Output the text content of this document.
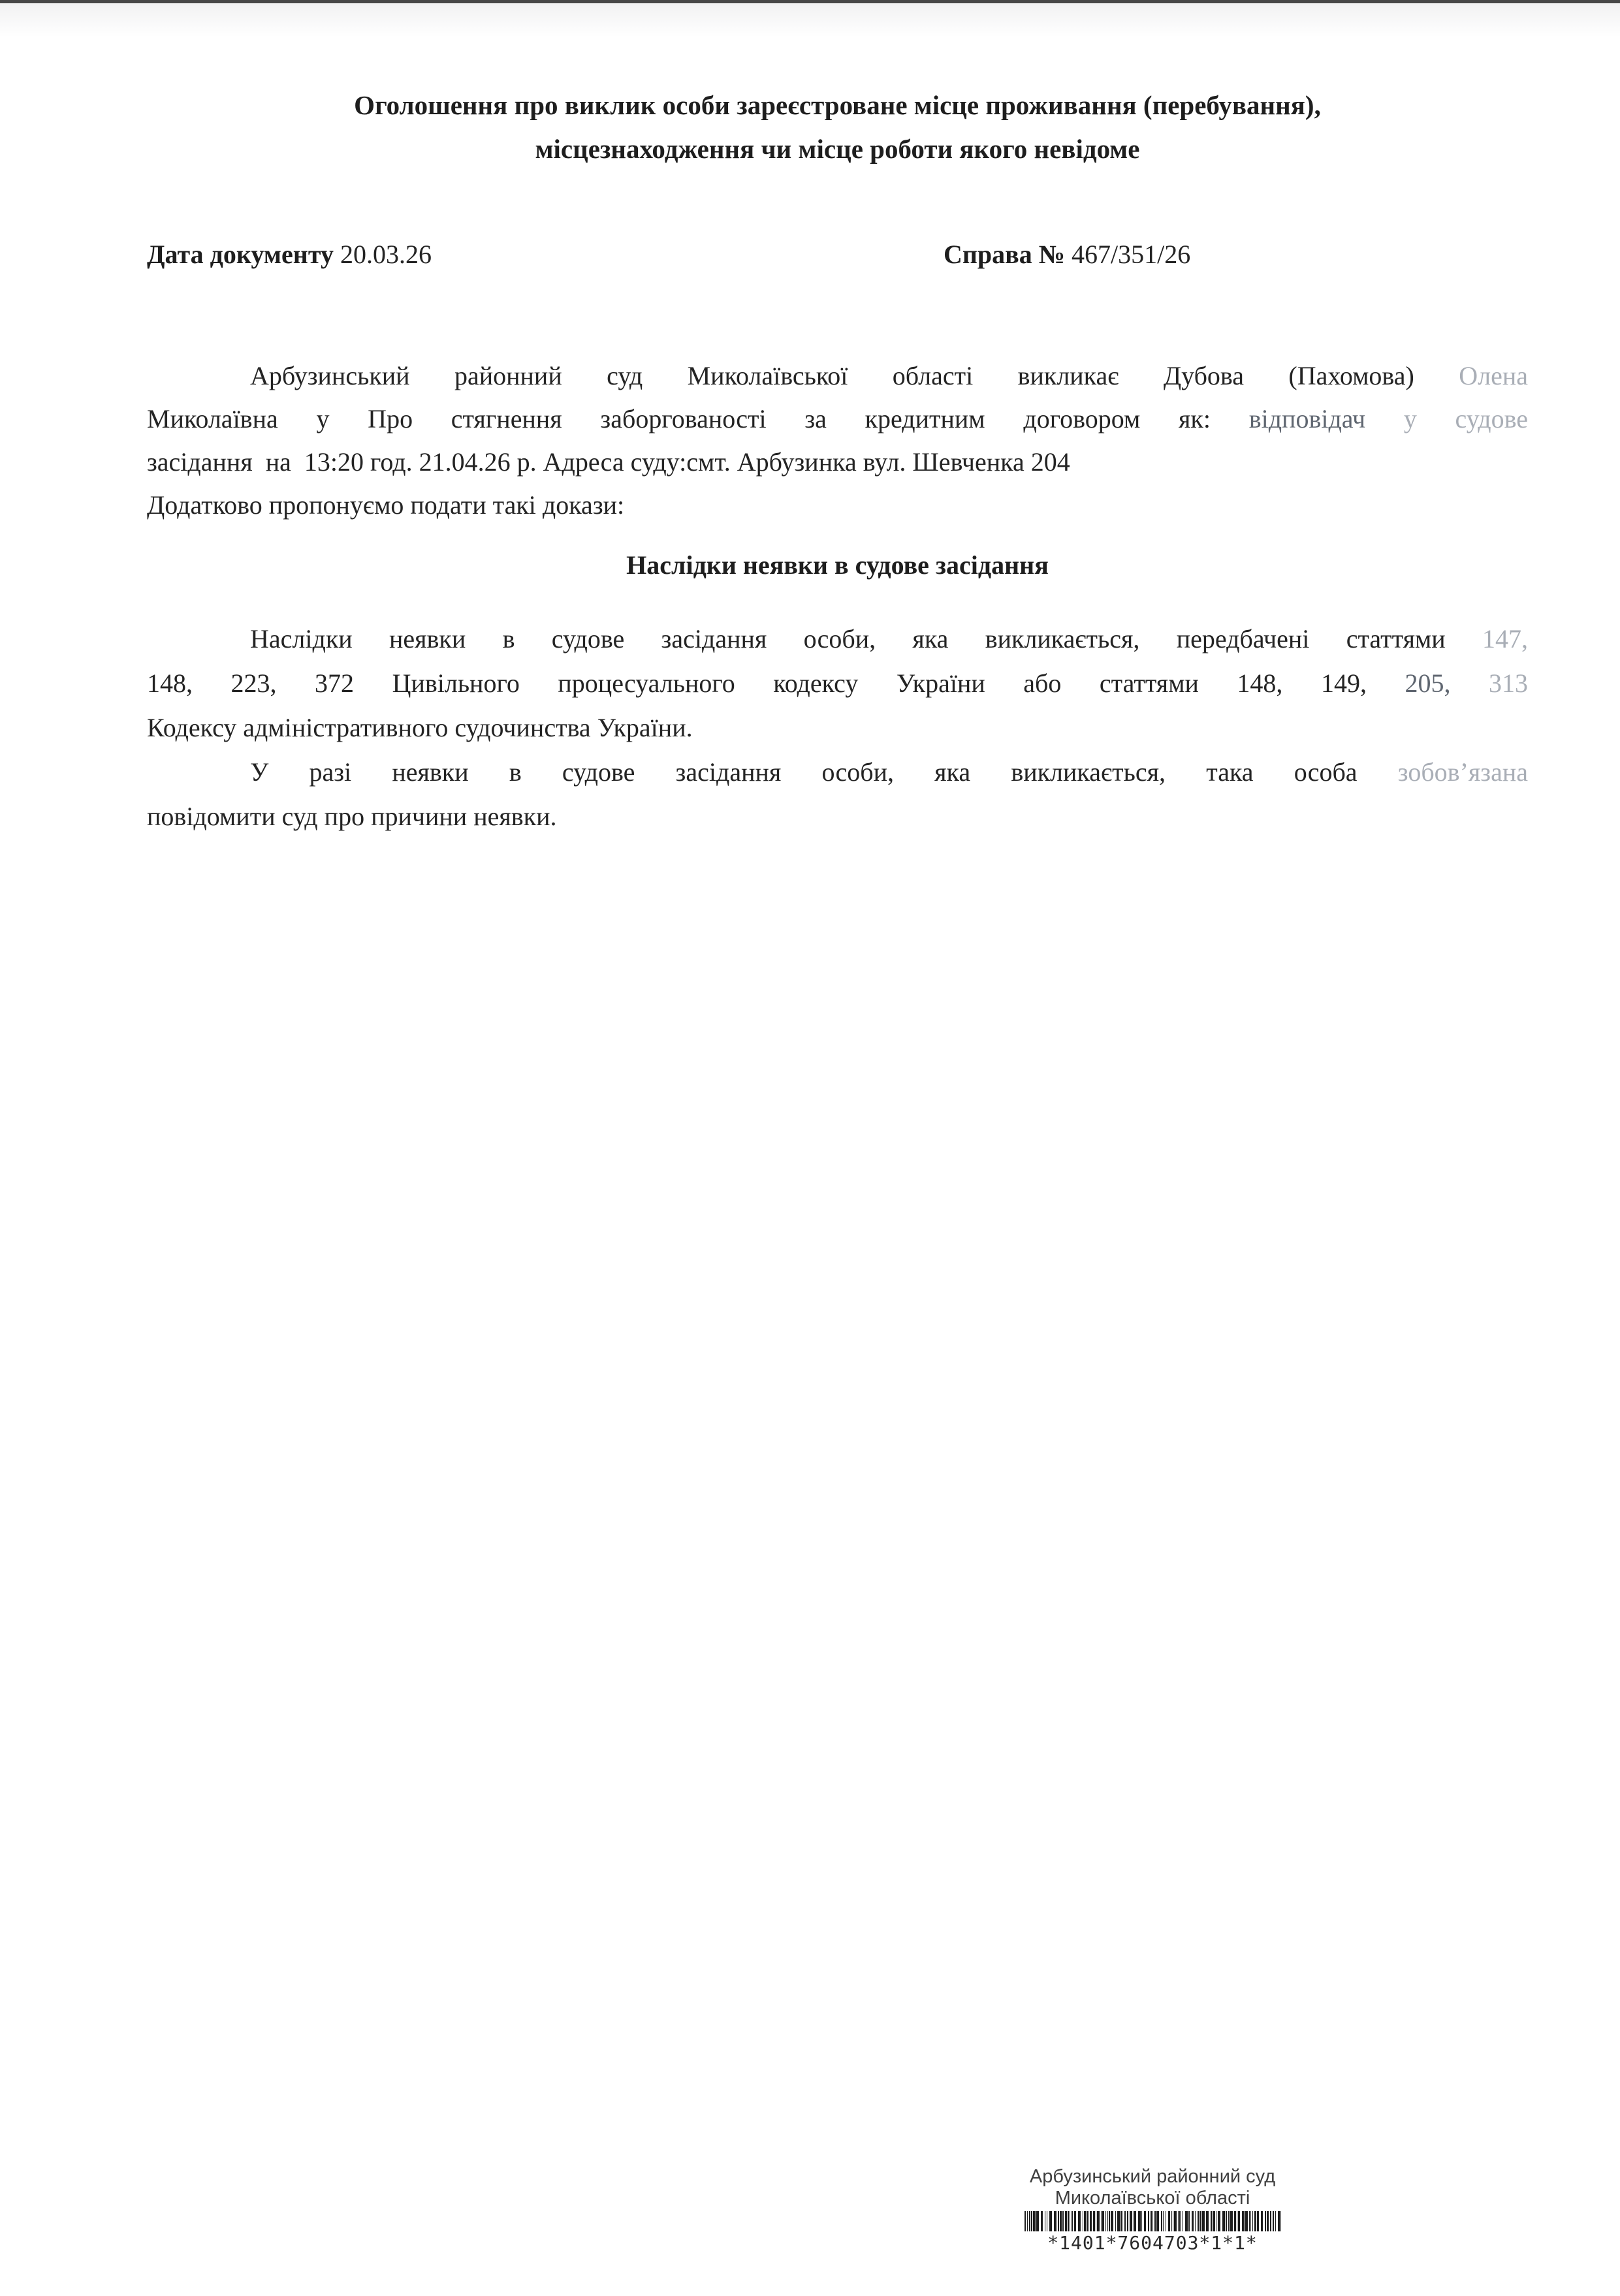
Оголошення про виклик особи зареєстроване місце проживання (перебування),
місцезнаходження чи місце роботи якого невідоме
Дата документу 20.03.26	Справа № 467/351/26
Арбузинський районний суд Миколаївської області викликає Дубова (Пахомова) Олена
Миколаївна у Про стягнення заборгованості за кредитним договором як: відповідач у судове
засідання  на  13:20 год. 21.04.26 р. Адреса суду:смт. Арбузинка вул. Шевченка 204
Додатково пропонуємо подати такі докази:
Наслідки неявки в судове засідання
Наслідки неявки в судове засідання особи, яка викликається, передбачені статтями 147,
148, 223, 372 Цивільного процесуального кодексу України або статтями 148, 149, 205, 313
Кодексу адміністративного судочинства України.
У разі неявки в судове засідання особи, яка викликається, така особа зобов’язана
повідомити суд про причини неявки.
Арбузинський районний суд
Миколаївської області
*1401*7604703*1*1*
